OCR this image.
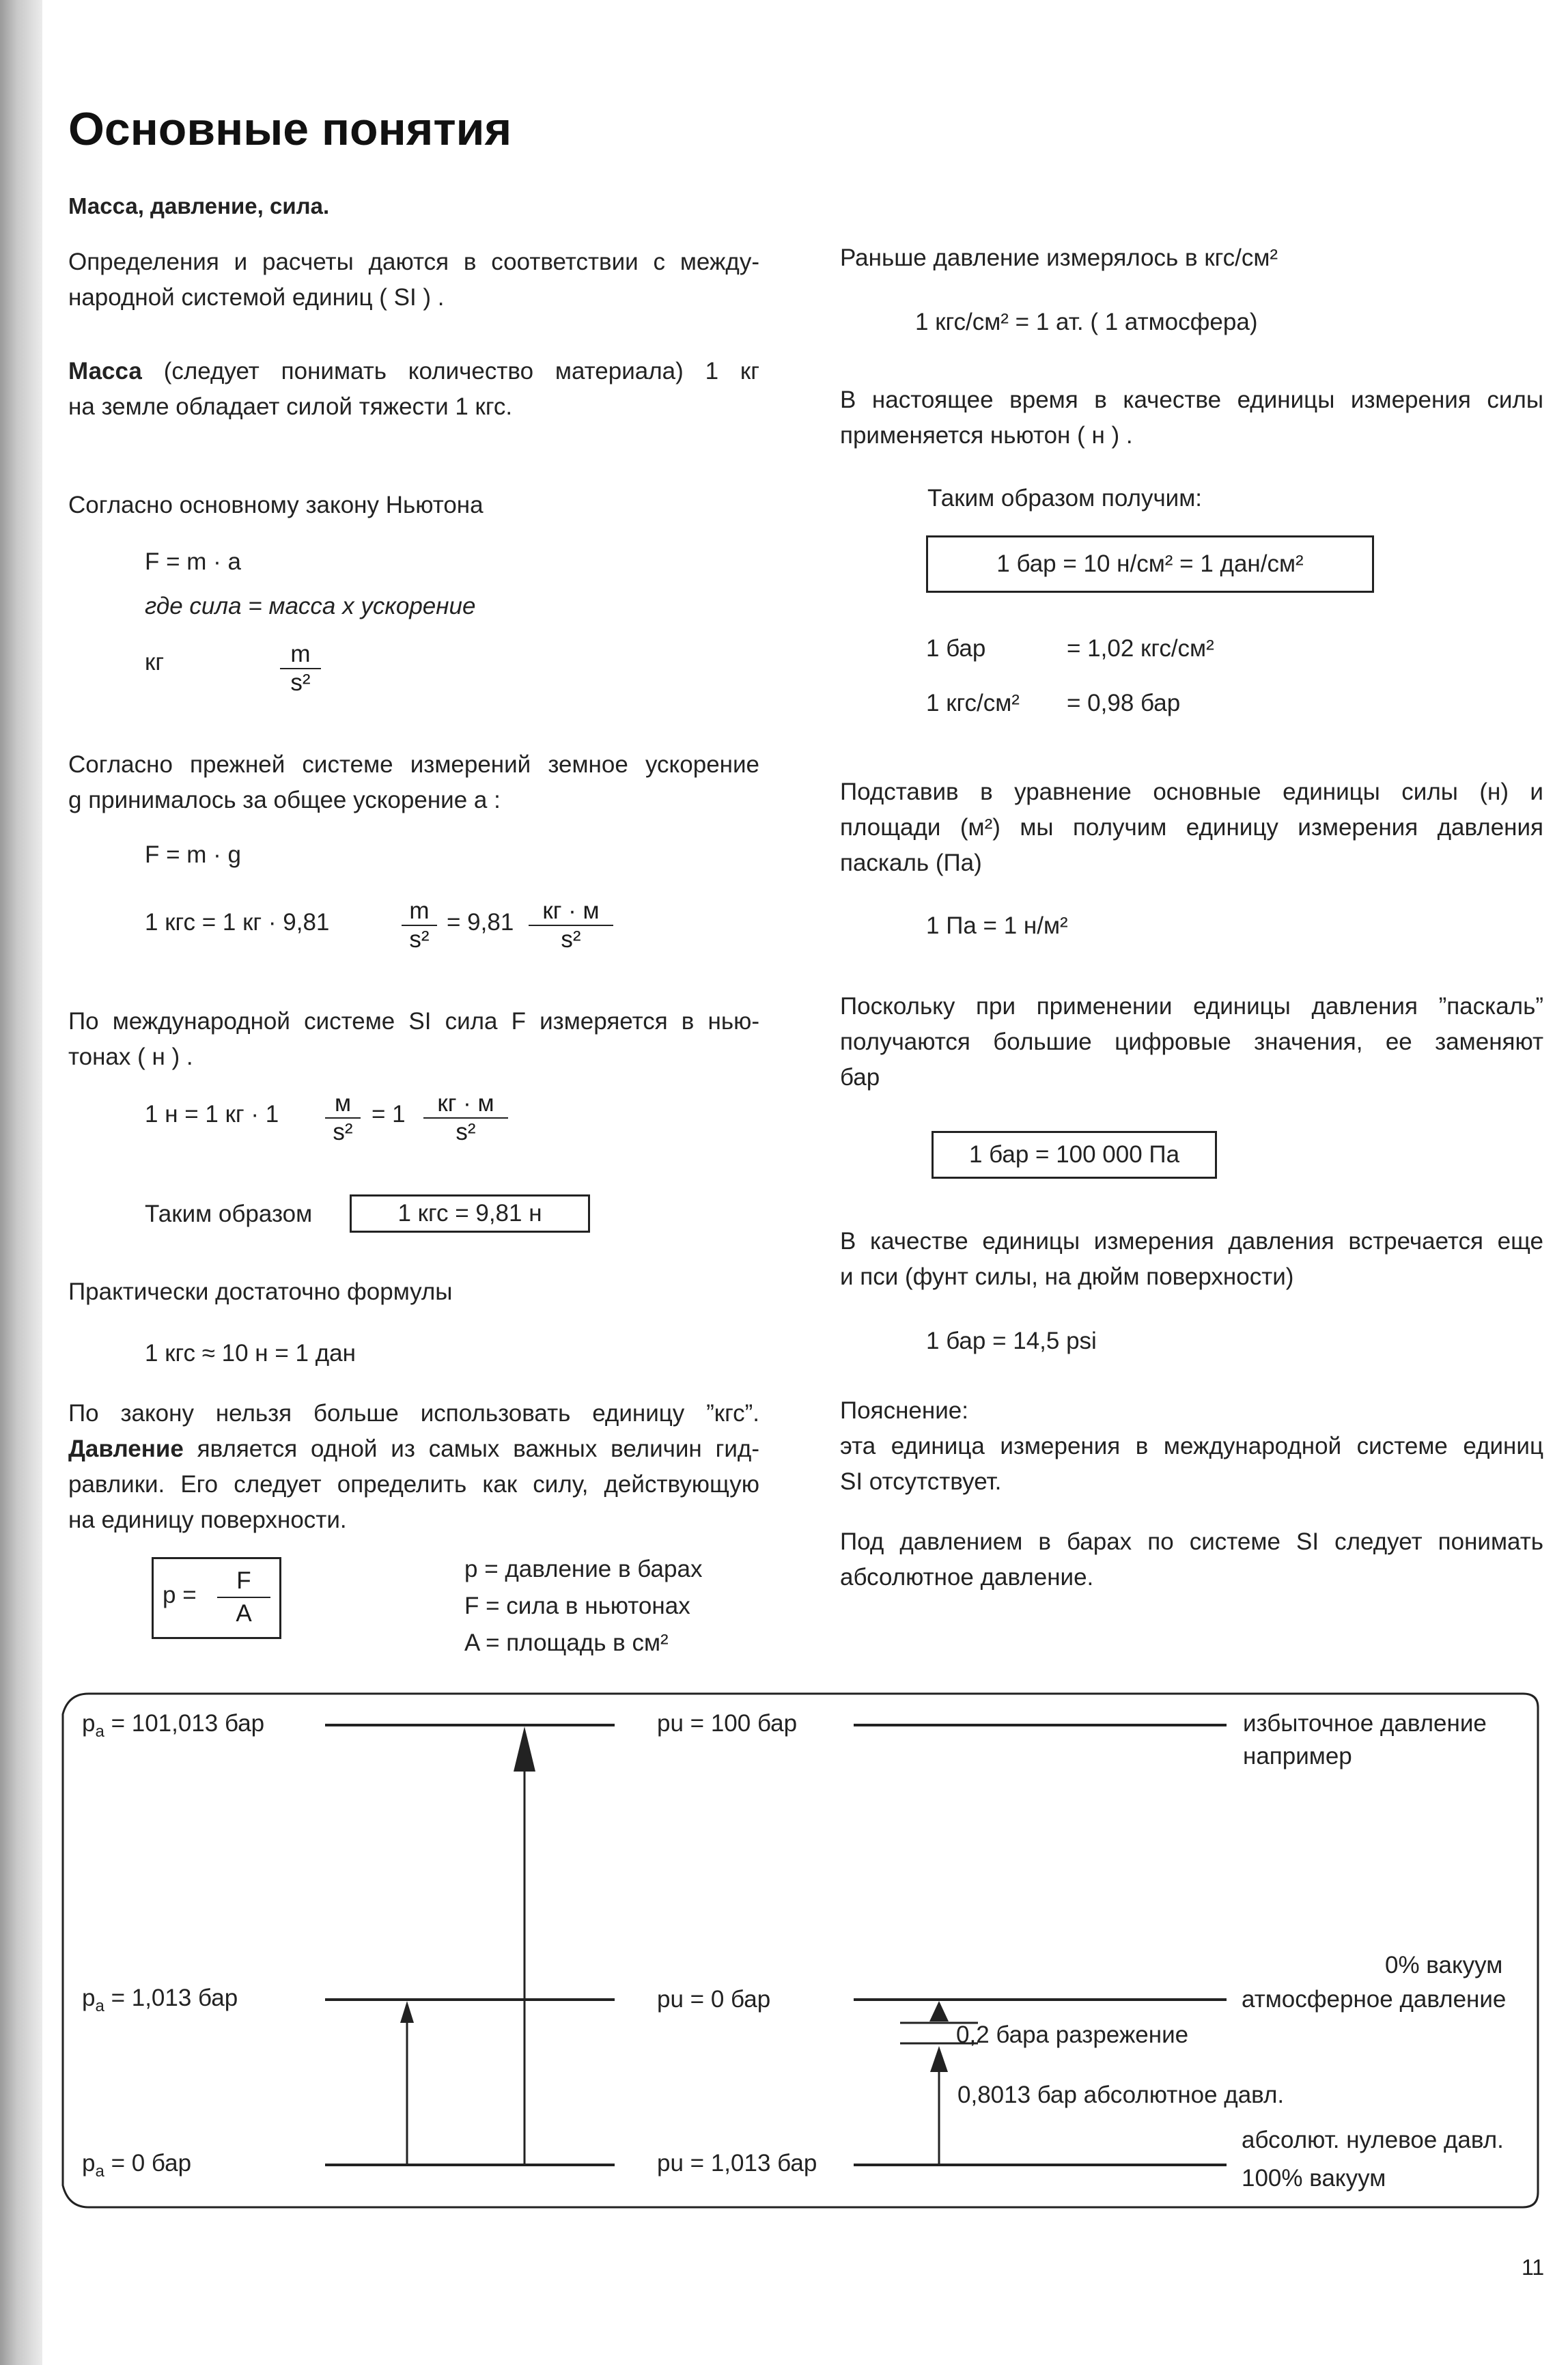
Основные понятия
Масса, давление, сила.
Определения и расчеты даются в соответствии с между-
народной системой единиц ( SI ) .
Масса (следует понимать количество материала) 1 кг
на земле обладает силой тяжести 1 кгс.
Согласно основному закону Ньютона
F = m · a
где сила = масса х ускорение
кг	$\frac{m}{\text{s²}}$
Согласно прежней системе измерений земное ускорение
g принималось за общее ускорение a :
F = m · g
1 кгс = 1 кг · 9,81	$\frac{m}{\text{s²}} = 9,81$	кг · м
s²
По международной системе SI сила F измеряется в нью-
тонах ( н ) .
1 н = 1 кг · 1	м
s²
= 1	кг · м
s²
Таким образом	1 кгс = 9,81 н
Практически достаточно формулы
1 кгс ≈ 10 н = 1 дан
По закону нельзя больше использовать единицу ”кгс”.
Давление является одной из самых важных величин гид-
равлики. Его следует определить как силу, действующую
на единицу поверхности.
$p = \frac{F}{A}$	p = давление в барах
F = сила в ньютонах
A = площадь в см²
Раньше давление измерялось в кгс/см²
1 кгс/см² = 1 ат. ( 1 атмосфера)
В настоящее время в качестве единицы измерения силы
применяется ньютон ( н ) .
Таким образом получим:
1 бар = 10 н/см² = 1 дан/см²
1 бар	= 1,02 кгс/см²
1 кгс/см² = 0,98 бар
Подставив в уравнение основные единицы силы (н) и
площади (м²) мы получим единицу измерения давления
паскаль (Па)
1 Па = 1 н/м²
Поскольку при применении единицы давления ”паскаль”
получаются большие цифровые значения, ее заменяют
бар
1 бар = 100 000 Па
В качестве единицы измерения давления встречается еще
и пси (фунт силы, на дюйм поверхности)
1 бар = 14,5 psi
Пояснение:
эта единица измерения в международной системе единиц
SI отсутствует.
Под давлением в барах по системе SI следует понимать
абсолютное давление.
$p_a = 101,013$ бар
$p_a = 1,013$ бар
$p_a = 0$ бар
pu = 100 бар
pu = 0 бар
pu = 1,013 бар
избыточное давление
например
0% вакуум
атмосферное давление
0,2 бара разрежение
0,8013 бар абсолютное давл.
абсолют. нулевое давл.
100% вакуум
11
